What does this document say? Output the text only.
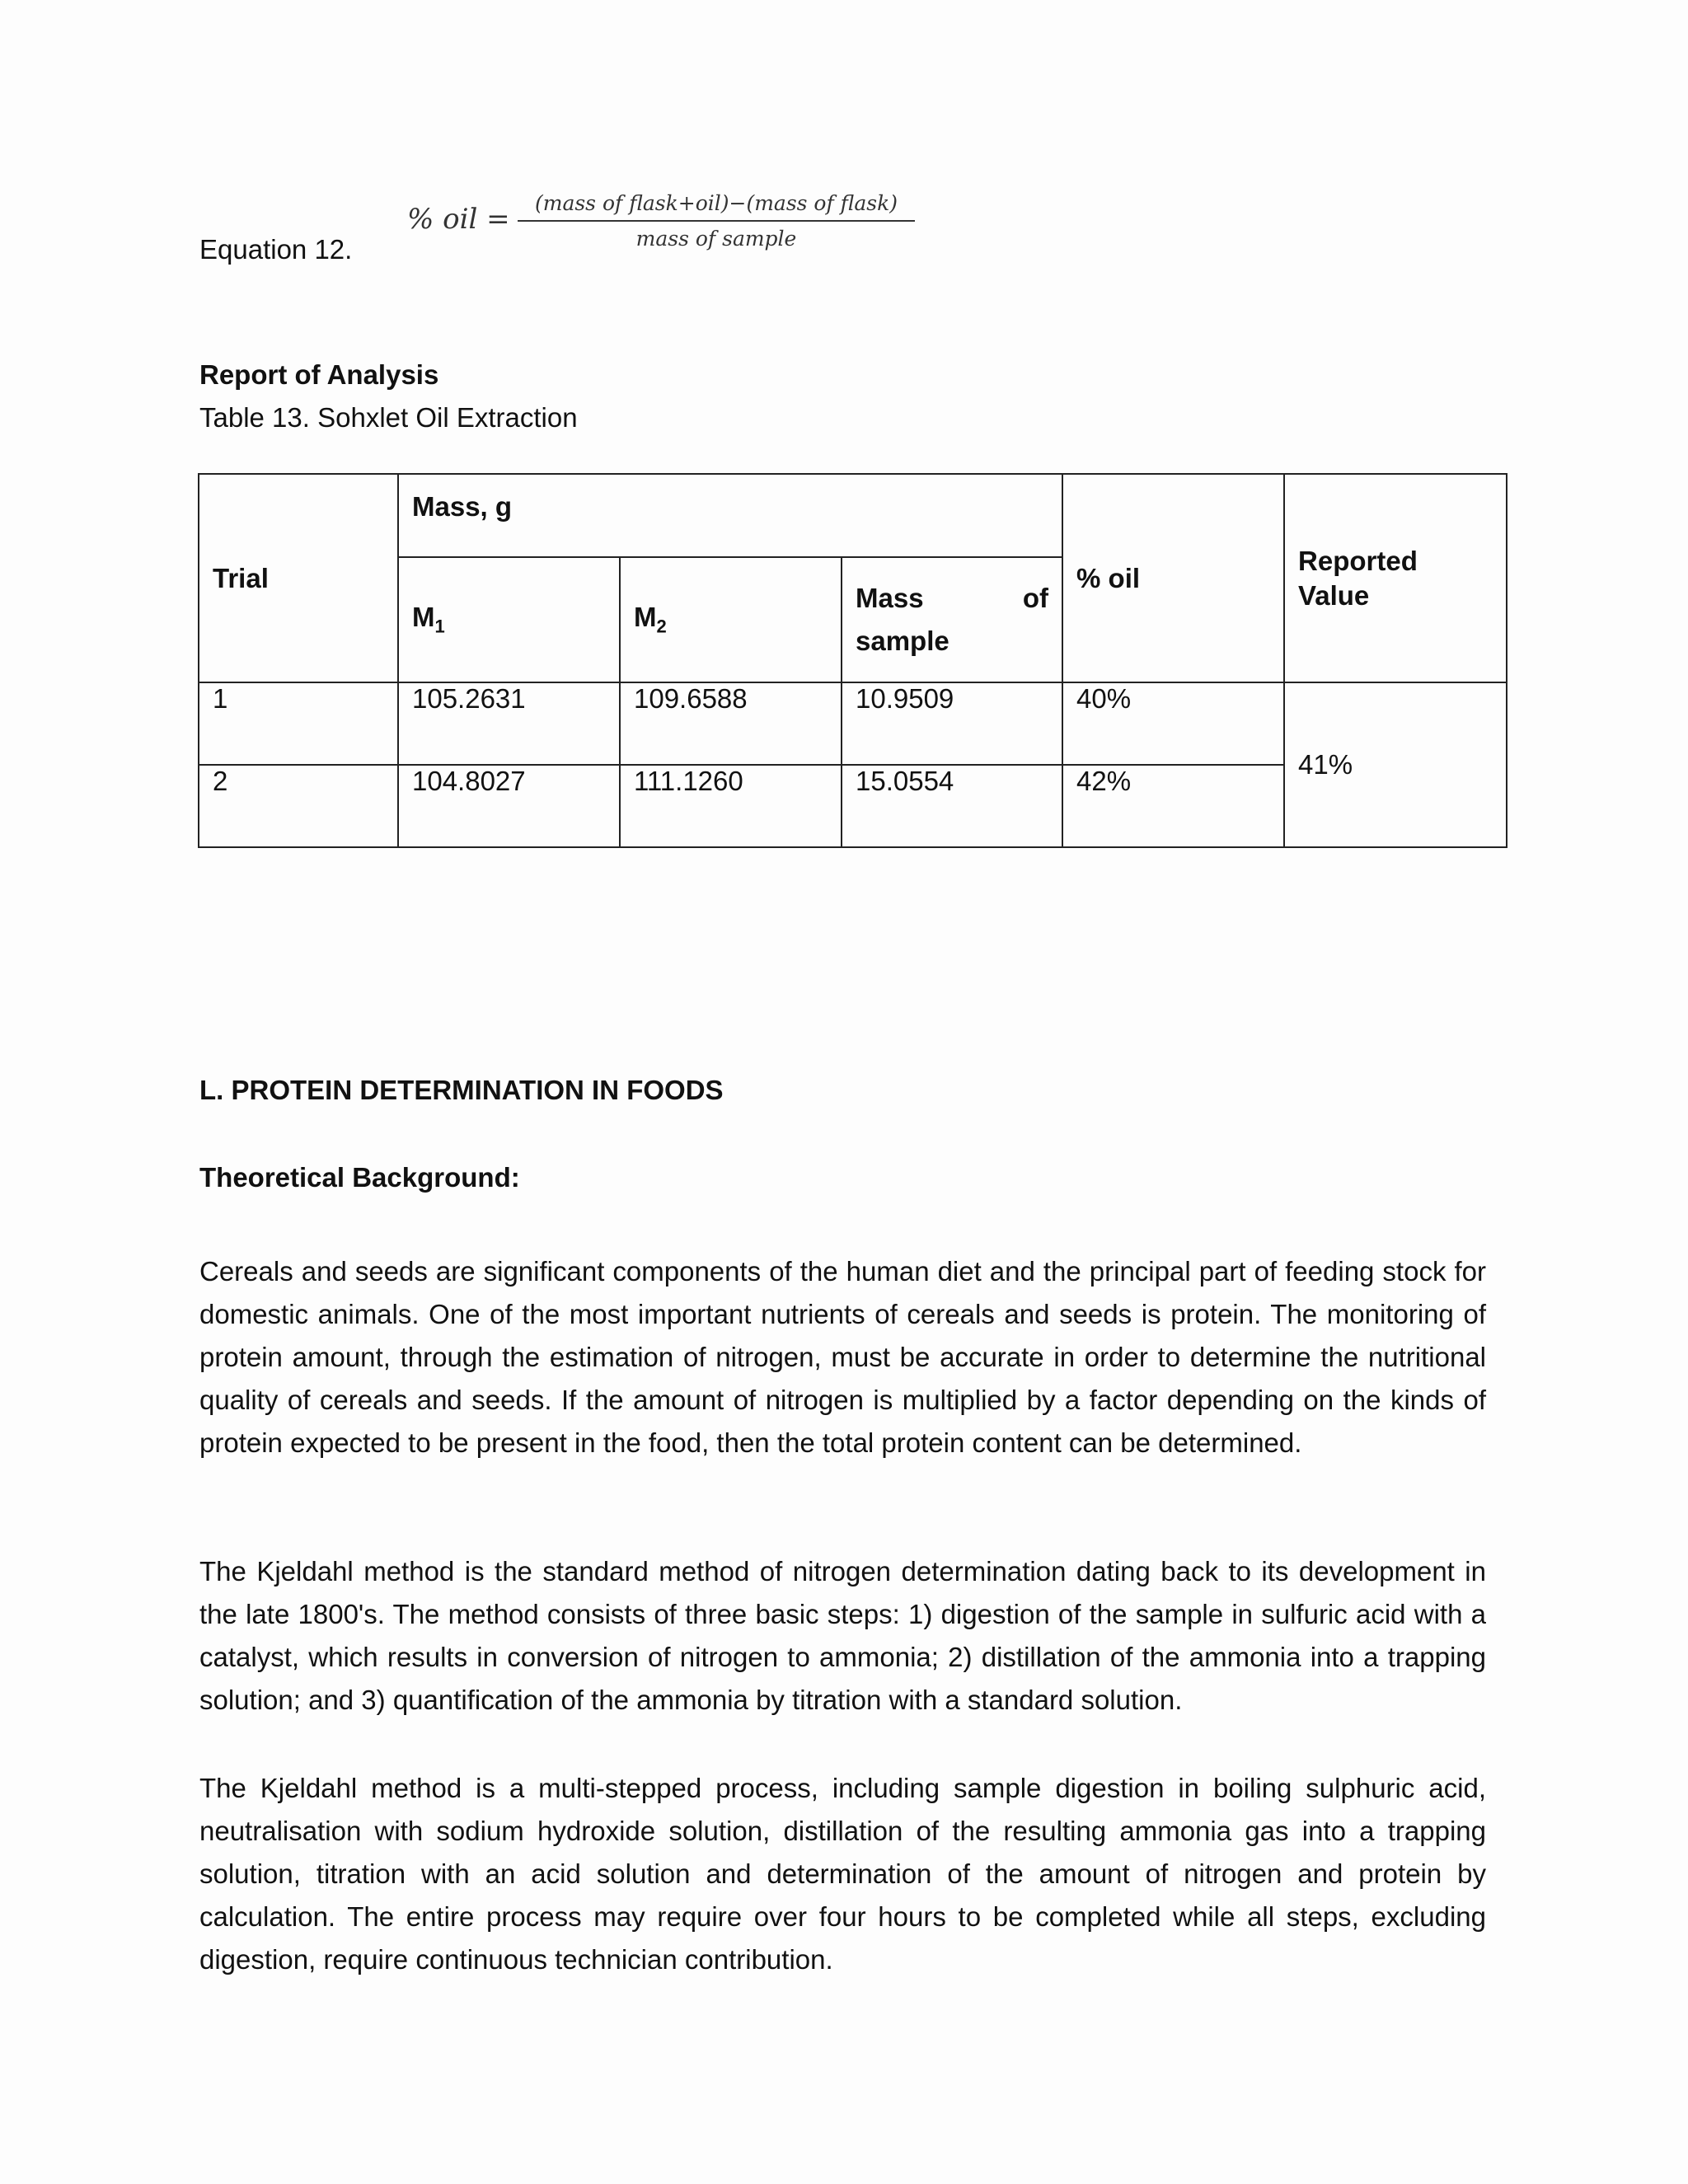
Equation 12.
% oil =	(mass of flask+oil)−(mass of flask)
mass of sample
Report of Analysis
Table 13. Sohxlet Oil Extraction
Trial	Mass, g			% oil	Reported Value
	$M_1$	$M_2$	Mass of
sample		

1	105.2631	109.6588	10.9509	40%	41%
2	104.8027	111.1260	15.0554	42%	
L. PROTEIN DETERMINATION IN FOODS
Theoretical Background:

Cereals and seeds are significant components of the human diet and the principal part of feeding stock for domestic animals. One of the most important nutrients of cereals and seeds is protein. The monitoring of protein amount, through the estimation of nitrogen, must be accurate in order to determine the nutritional quality of cereals and seeds. If the amount of nitrogen is multiplied by a factor depending on the kinds of protein expected to be present in the food, then the total protein content can be determined.

The Kjeldahl method is the standard method of nitrogen determination dating back to its development in the late 1800's. The method consists of three basic steps: 1) digestion of the sample in sulfuric acid with a catalyst, which results in conversion of nitrogen to ammonia; 2) distillation of the ammonia into a trapping solution; and 3) quantification of the ammonia by titration with a standard solution.

The Kjeldahl method is a multi-stepped process, including sample digestion in boiling sulphuric acid, neutralisation with sodium hydroxide solution, distillation of the resulting ammonia gas into a trapping solution, titration with an acid solution and determination of the amount of nitrogen and protein by calculation. The entire process may require over four hours to be completed while all steps, excluding digestion, require continuous technician contribution.
